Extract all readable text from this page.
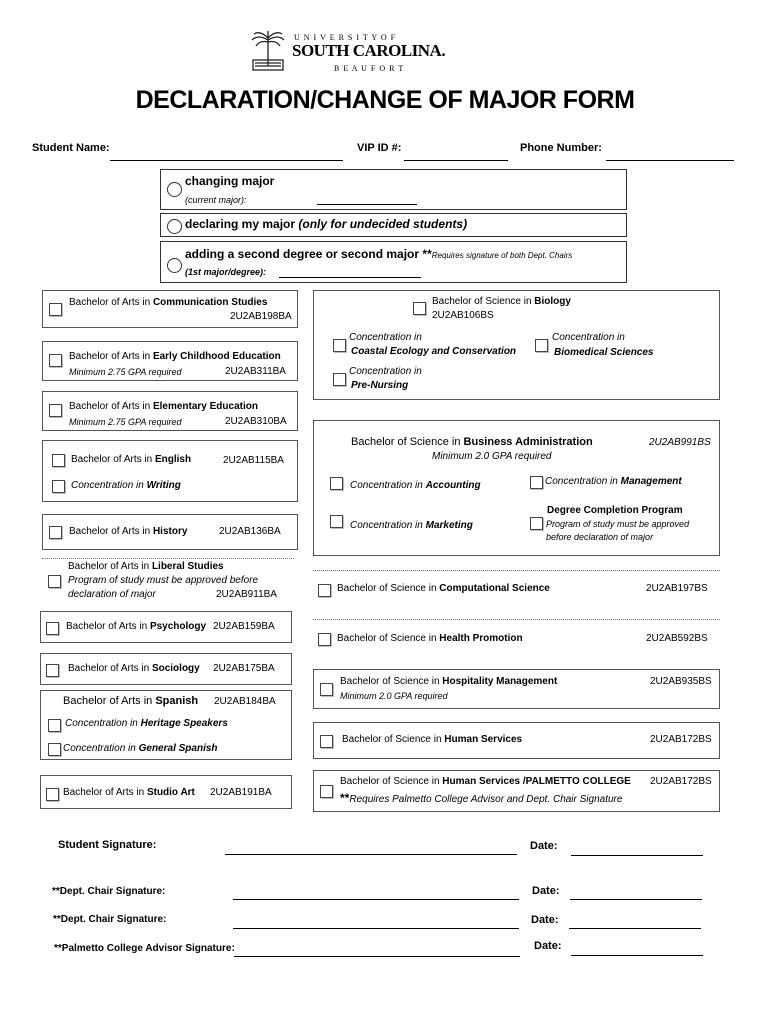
U N I V E R S I T Y O F
SOUTH CAROLINA.
B E A U F O R T
DECLARATION/CHANGE OF MAJOR FORM
Student Name:	VIP ID #:	Phone Number:
changing major
(current major):
declaring my major (only for undecided students)
adding a second degree or second major **Requires signature of both Dept. Chairs
(1st major/degree):
Bachelor of Arts in Communication Studies
2U2AB198BA
Bachelor of Arts in Early Childhood Education
Minimum 2.75 GPA required	2U2AB311BA
Bachelor of Arts in Elementary Education
Minimum 2.75 GPA required	2U2AB310BA
Bachelor of Arts in English	2U2AB115BA
Concentration in Writing
Bachelor of Arts in History	2U2AB136BA
Bachelor of Arts in Liberal Studies
Program of study must be approved before
declaration of major	2U2AB911BA
Bachelor of Arts in Psychology 2U2AB159BA
Bachelor of Arts in Sociology 2U2AB175BA
Bachelor of Arts in Spanish 2U2AB184BA
Concentration in Heritage Speakers
Concentration in General Spanish
Bachelor of Arts in Studio Art 2U2AB191BA
Bachelor of Science in Biology
2U2AB106BS
Concentration in
Coastal Ecology and Conservation
Concentration in
Biomedical Sciences
Concentration in
Pre-Nursing
Bachelor of Science in Business Administration	2U2AB991BS
Minimum 2.0 GPA required
Concentration in Accounting	Concentration in Management
Concentration in Marketing
Degree Completion Program
Program of study must be approved
before declaration of major
Bachelor of Science in Computational Science	2U2AB197BS
Bachelor of Science in Health Promotion	2U2AB592BS
Bachelor of Science in Hospitality Management
Minimum 2.0 GPA required
2U2AB935BS
Bachelor of Science in Human Services	2U2AB172BS
Bachelor of Science in Human Services /PALMETTO COLLEGE 2U2AB172BS
**Requires Palmetto College Advisor and Dept. Chair Signature
Student Signature:	Date:
**Dept. Chair Signature:	Date:
**Dept. Chair Signature:	Date:
**Palmetto College Advisor Signature:	Date:
